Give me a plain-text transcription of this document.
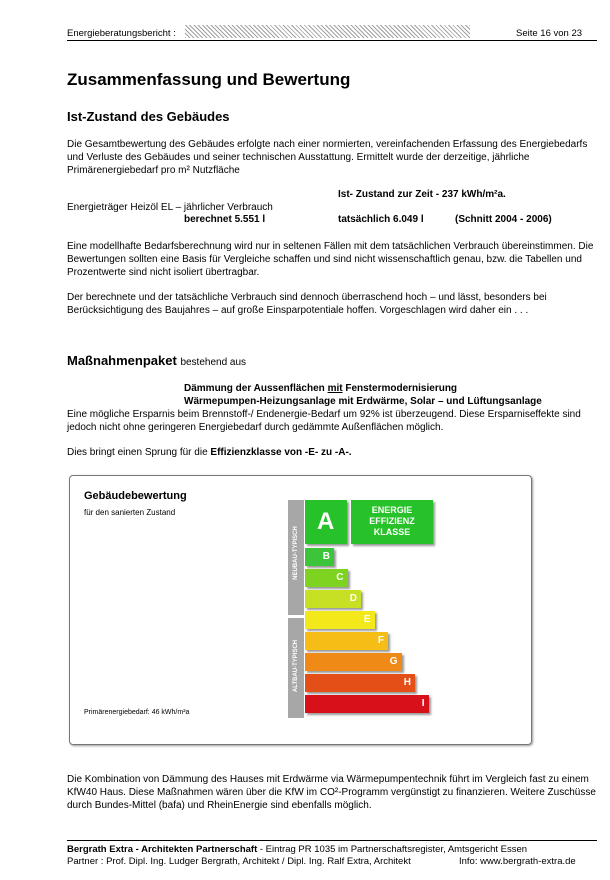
Energieberatungsbericht :	Seite 16 von 23
Zusammenfassung und Bewertung
Ist-Zustand des Gebäudes
Die Gesamtbewertung des Gebäudes erfolgte nach einer normierten, vereinfachenden Erfassung des Energiebedarfs und Verluste des Gebäudes und seiner technischen Ausstattung. Ermittelt wurde der derzeitige, jährliche Primärenergiebedarf pro m² Nutzfläche
Ist- Zustand zur Zeit - 237 kWh/m²a.
Energieträger Heizöl EL – jährlicher Verbrauch
berechnet 5.551 l	tatsächlich 6.049 l	(Schnitt 2004 - 2006)
Eine modellhafte Bedarfsberechnung wird nur in seltenen Fällen mit dem tatsächlichen Verbrauch übereinstimmen. Die Bewertungen sollten eine Basis für Vergleiche schaffen und sind nicht wissenschaftlich genau, bzw. die Tabellen und Prozentwerte sind nicht isoliert übertragbar.
Der berechnete und der tatsächliche Verbrauch sind dennoch überraschend hoch – und lässt, besonders bei Berücksichtigung des Baujahres – auf große Einsparpotentiale hoffen. Vorgeschlagen wird daher ein . . .
Maßnahmenpaket bestehend aus
Dämmung der Aussenflächen mit Fenstermodernisierung
Wärmepumpen-Heizungsanlage mit Erdwärme, Solar – und Lüftungsanlage
Eine mögliche Ersparnis beim Brennstoff-/ Endenergie-Bedarf um 92% ist überzeugend. Diese Ersparniseffekte sind jedoch nicht ohne geringeren Energiebedarf durch gedämmte Außenflächen möglich.
Dies bringt einen Sprung für die Effizienzklasse von -E- zu -A-.
Gebäudebewertung
für den sanierten Zustand
Primärenergiebedarf: 46 kWh/m²a
NEUBAU-TYPISCH
ALTBAU-TYPISCH
A	ENERGIE
EFFIZIENZ
KLASSE
B
C
D
E
F
G
H
I
Die Kombination von Dämmung des Hauses mit Erdwärme via Wärmepumpentechnik führt im Vergleich fast zu einem KfW40 Haus. Diese Maßnahmen wären über die KfW im CO²-Programm vergünstigt zu finanzieren. Weitere Zuschüsse durch Bundes-Mittel (bafa) und RheinEnergie sind ebenfalls möglich.
Bergrath Extra - Architekten Partnerschaft - Eintrag PR 1035 im Partnerschaftsregister, Amtsgericht Essen
Partner : Prof. Dipl. Ing. Ludger Bergrath, Architekt / Dipl. Ing. Ralf Extra, Architekt	Info: www.bergrath-extra.de
